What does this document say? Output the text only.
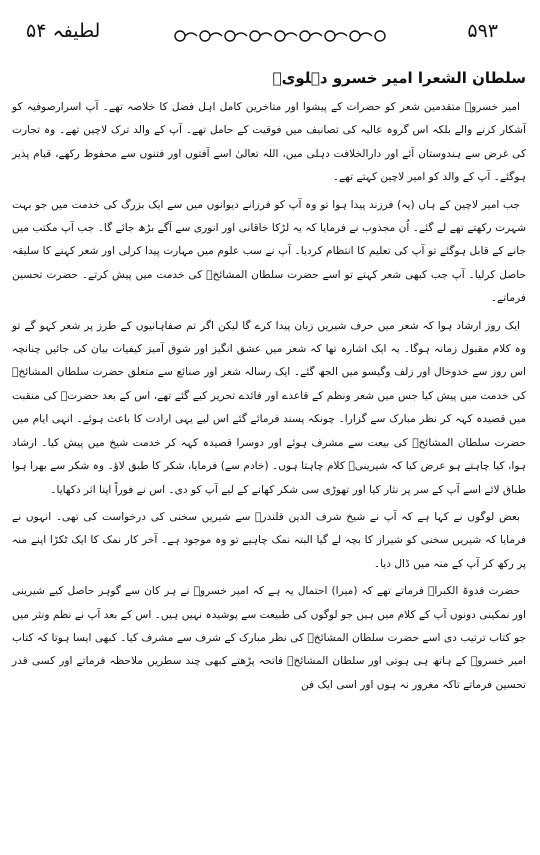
لطیفہ ۵۴	۵۹۳
سلطان الشعرا امیر خسرو دہلویؒ

امیر خسروؒ متقدمین شعر کو حضرات کے پیشوا اور متاخرین کامل اہل فضل کا خلاصہ تھے۔ آپ اسرارصوفیہ کو آشکار کرنے والے بلکہ اس گروہ عالیہ کی تصانیف میں فوقیت کے حامل تھے۔ آپ کے والد ترک لاچین تھے۔ وہ تجارت کی غرض سے ہندوستان آئے اور دارالخلافت دہلی میں، اللہ تعالیٰ اسے آفتوں اور فتنوں سے محفوظ رکھے، قیام پذیر ہوگئے۔ آپ کے والد کو امیر لاچین کہتے تھے۔

جب امیر لاچین کے ہاں (یہ) فرزند پیدا ہوا تو وہ آپ کو فرزانے دیوانوں میں سے ایک بزرگ کی خدمت میں جو بہت شہرت رکھتے تھے لے گئے۔ اُن مجذوب نے فرمایا کہ یہ لڑکا خاقانی اور انوری سے آگے بڑھ جائے گا۔ جب آپ مکتب میں جانے کے قابل ہوگئے تو آپ کی تعلیم کا انتظام کردیا۔ آپ نے سب علوم میں مہارت پیدا کرلی اور شعر کہنے کا سلیقہ حاصل کرلیا۔ آپ جب کبھی شعر کہتے تو اسے حضرت سلطان المشائخؒ کی خدمت میں پیش کرتے۔ حضرت تحسین فرماتے۔

ایک روز ارشاد ہوا کہ شعر میں حرف شیریں زبان پیدا کرے گا لیکن اگر تم صفاہانیوں کے طرز پر شعر کہو گے تو وہ کلام مقبول زمانہ ہوگا۔ یہ ایک اشارہ تھا کہ شعر میں عشق انگیز اور شوق آمیز کیفیات بیان کی جائیں چنانچہ اس روز سے خدوخال اور زلف وگیسو میں الجھ گئے۔ ایک رسالہ شعر اور صنائع سے متعلق حضرت سلطان المشائخؒ کی خدمت میں پیش کیا جس میں شعر ونظم کے قاعدے اور فائدے تحریر کیے گئے تھے، اس کے بعد حضرتؒ کی منقبت میں قصیدہ کہہ کر نظر مبارک سے گزارا۔ چونکہ پسند فرمائے گئے اس لیے یہی ارادت کا باعث ہوئے۔ انہی ایام میں حضرت سلطان المشائخؒ کی بیعت سے مشرف ہوئے اور دوسرا قصیدہ کہہ کر خدمت شیخ میں پیش کیا۔ ارشاد ہوا، کیا چاہتے ہو عرض کیا کہ شیرینیؒ کلام چاہتا ہوں۔ (خادم سے) فرمایا، شکر کا طبق لاؤ۔ وہ شکر سے بھرا ہوا طباق لائے اسے آپ کے سر پر نثار کیا اور تھوڑی سی شکر کھانے کے لیے آپ کو دی۔ اس نے فوراً اپنا اثر دکھایا۔

بعض لوگوں نے کہا ہے کہ آپ نے شیخ شرف الدین قلندرؒ سے شیریں سخنی کی درخواست کی تھی۔ انہوں نے فرمایا کہ شیریں سخنی کو شیراز کا بچہ لے گیا البتہ نمک چاہیے تو وہ موجود ہے۔ آخر کار نمک کا ایک ٹکڑا اپنے منہ پر رکھ کر آپ کے منہ میں ڈال دیا۔

حضرت قدوۃ الکبراؒ فرماتے تھے کہ (میرا) احتمال یہ ہے کہ امیر خسروؒ نے ہر کان سے گوہر حاصل کیے شیرینی اور نمکینی دونوں آپ کے کلام میں ہیں جو لوگوں کی طبیعت سے پوشیدہ نہیں ہیں۔ اس کے بعد آپ نے نظم ونثر میں جو کتاب ترتیب دی اسے حضرت سلطان المشائخؒ کی نظر مبارک کے شرف سے مشرف کیا۔ کبھی ایسا ہوتا کہ کتاب امیر خسروؒ کے ہاتھ ہی ہوتی اور سلطان المشائخؒ فاتحہ پڑھتے کبھی چند سطریں ملاحظہ فرماتے اور کسی قدر تحسین فرماتے تاکہ مغرور نہ ہوں اور اسی ایک فن
